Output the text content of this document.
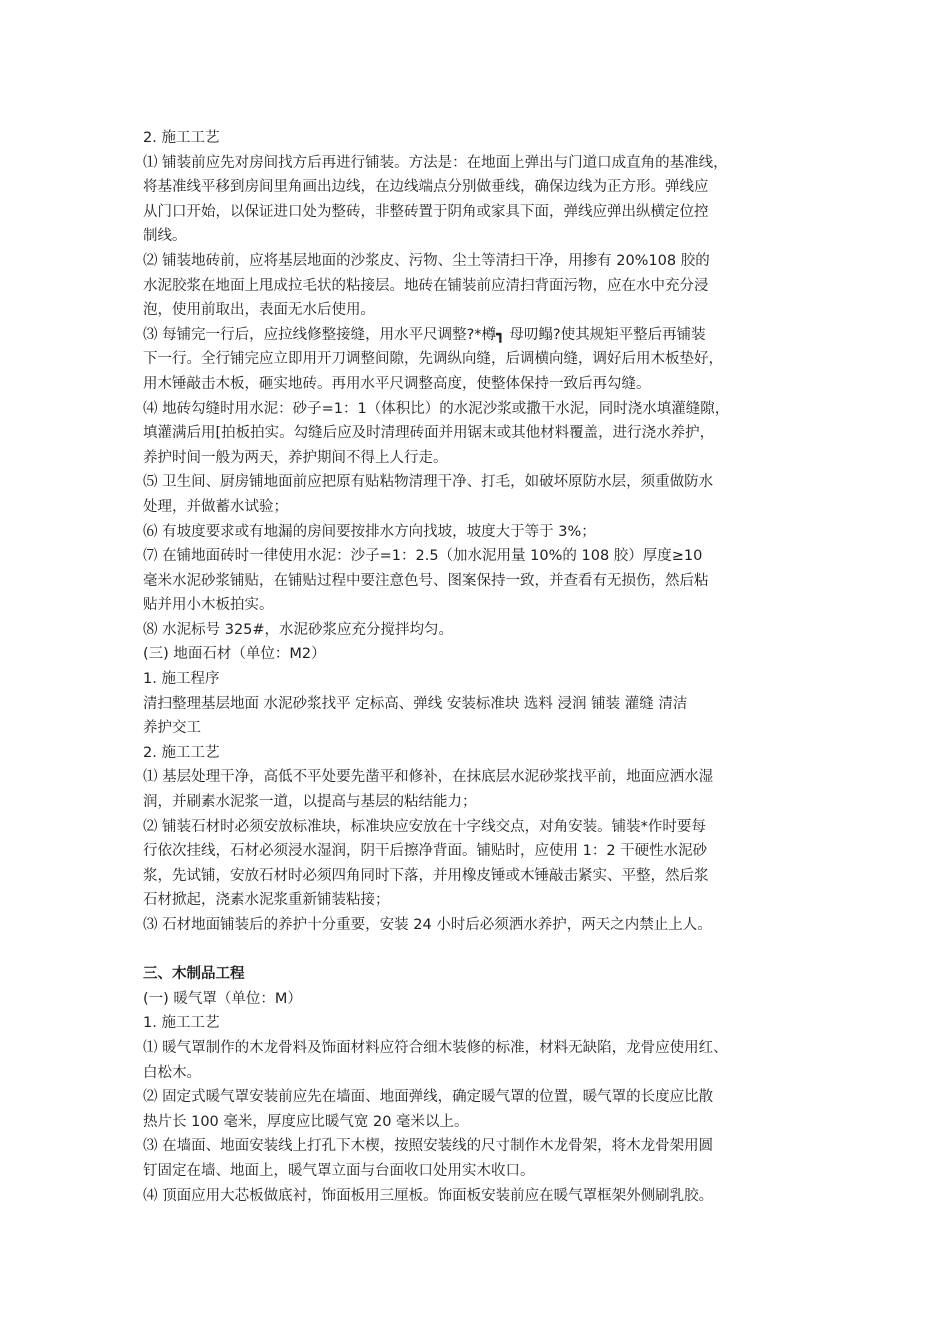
2. 施工工艺

⑴ 铺装前应先对房间找方后再进行铺装。方法是：在地面上弹出与门道口成直角的基准线，

将基准线平移到房间里角画出边线，在边线端点分别做垂线，确保边线为正方形。弹线应

从门口开始，以保证进口处为整砖，非整砖置于阴角或家具下面，弹线应弹出纵横定位控

制线。

⑵ 铺装地砖前，应将基层地面的沙浆皮、污物、尘土等清扫干净，用掺有 20%108 胶的

水泥胶浆在地面上甩成拉毛状的粘接层。地砖在铺装前应清扫背面污物，应在水中充分浸

泡，使用前取出，表面无水后使用。

⑶ 每铺完一行后，应拉线修整接缝，用水平尺调整?*樽┓ 母叨鳎?使其规矩平整后再铺装

下一行。全行铺完应立即用开刀调整间隙，先调纵向缝，后调横向缝，调好后用木板垫好，

用木锤敲击木板，砸实地砖。再用水平尺调整高度，使整体保持一致后再勾缝。

⑷ 地砖勾缝时用水泥：砂子=1：1（体积比）的水泥沙浆或撒干水泥，同时浇水填灌缝隙，

填灌满后用[拍板拍实。勾缝后应及时清理砖面并用锯末或其他材料覆盖，进行浇水养护，

养护时间一般为两天，养护期间不得上人行走。

⑸ 卫生间、厨房铺地面前应把原有贴粘物清理干净、打毛，如破坏原防水层，须重做防水

处理，并做蓄水试验；

⑹ 有坡度要求或有地漏的房间要按排水方向找坡，坡度大于等于 3%；

⑺ 在铺地面砖时一律使用水泥：沙子=1：2.5（加水泥用量 10%的 108 胶）厚度≥10

毫米水泥砂浆铺贴，在铺贴过程中要注意色号、图案保持一致，并查看有无损伤，然后粘

贴并用小木板拍实。

⑻ 水泥标号 325#，水泥砂浆应充分搅拌均匀。

(三) 地面石材（单位：M2）

1. 施工程序

清扫整理基层地面 水泥砂浆找平 定标高、弹线 安装标准块 选料 浸润 铺装 灌缝 清洁

养护交工

2. 施工工艺

⑴ 基层处理干净，高低不平处要先凿平和修补，在抹底层水泥砂浆找平前，地面应洒水湿

润，并刷素水泥浆一道，以提高与基层的粘结能力；

⑵ 铺装石材时必须安放标准块，标准块应安放在十字线交点，对角安装。铺装*作时要每

行依次挂线，石材必须浸水湿润，阴干后擦净背面。铺贴时，应使用 1：2 干硬性水泥砂

浆，先试铺，安放石材时必须四角同时下落，并用橡皮锤或木锤敲击紧实、平整，然后浆

石材掀起，浇素水泥浆重新铺装粘接；

⑶ 石材地面铺装后的养护十分重要，安装 24 小时后必须洒水养护，两天之内禁止上人。

三、木制品工程

(一) 暖气罩（单位：M）

1. 施工工艺

⑴ 暖气罩制作的木龙骨料及饰面材料应符合细木装修的标准，材料无缺陷，龙骨应使用红、

白松木。

⑵ 固定式暖气罩安装前应先在墙面、地面弹线，确定暖气罩的位置，暖气罩的长度应比散

热片长 100 毫米，厚度应比暖气宽 20 毫米以上。

⑶ 在墙面、地面安装线上打孔下木楔，按照安装线的尺寸制作木龙骨架，将木龙骨架用圆

钉固定在墙、地面上，暖气罩立面与台面收口处用实木收口。

⑷ 顶面应用大芯板做底衬，饰面板用三厘板。饰面板安装前应在暖气罩框架外侧刷乳胶。
